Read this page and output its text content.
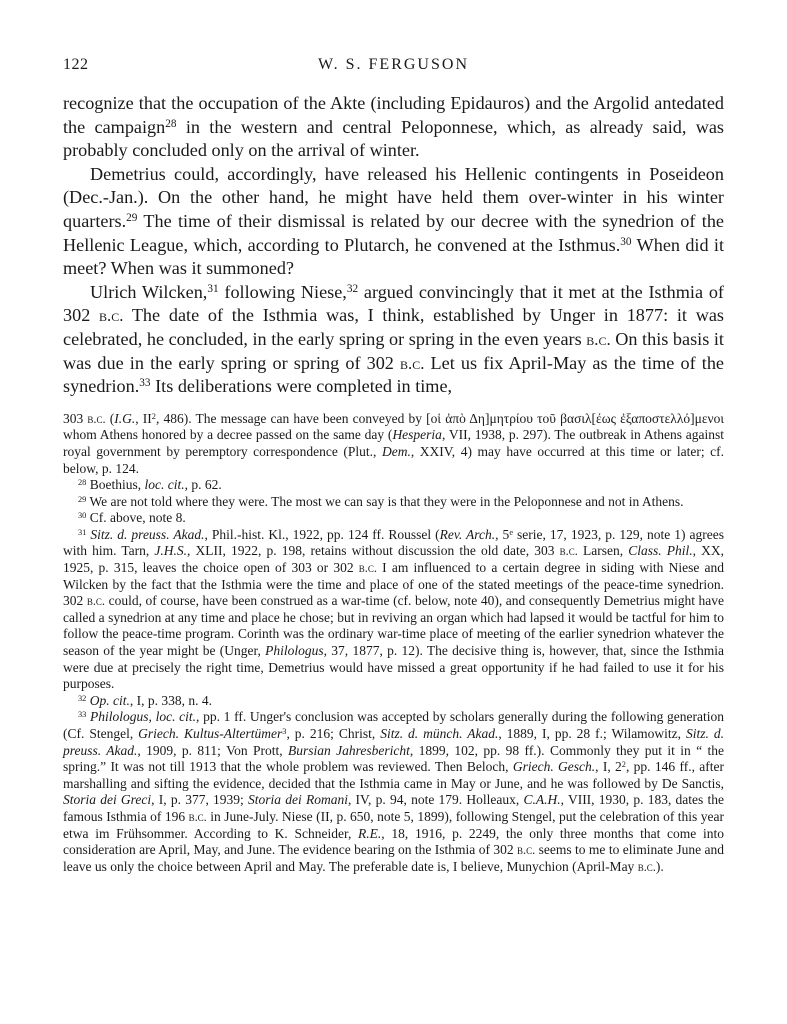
122	W. S. FERGUSON

recognize that the occupation of the Akte (including Epidauros) and the Argolid antedated the campaign$^{28}$ in the western and central Peloponnese, which, as already said, was probably concluded only on the arrival of winter.

Demetrius could, accordingly, have released his Hellenic contingents in Poseideon (Dec.-Jan.). On the other hand, he might have held them over-winter in his winter quarters.$^{29}$ The time of their dismissal is related by our decree with the synedrion of the Hellenic League, which, according to Plutarch, he convened at the Isthmus.$^{30}$ When did it meet? When was it summoned?

Ulrich Wilcken,$^{31}$ following Niese,$^{32}$ argued convincingly that it met at the Isthmia of 302 b.c. The date of the Isthmia was, I think, established by Unger in 1877: it was celebrated, he concluded, in the early spring or spring in the even years b.c. On this basis it was due in the early spring or spring of 302 b.c. Let us fix April-May as the time of the synedrion.$^{33}$ Its deliberations were completed in time,

303 b.c. (I.G., $II^2$, 486). The message can have been conveyed by [οἱ ἀπὸ Δη]μητρίου τοῦ βασιλ[έως ἐξαποστελλό]μενοι whom Athens honored by a decree passed on the same day (Hesperia, VII, 1938, p. 297). The outbreak in Athens against royal government by peremptory correspondence (Plut., Dem., XXIV, 4) may have occurred at this time or later; cf. below, p. 124.

$^{28}$ Boethius, loc. cit., p. 62.

$^{29}$ We are not told where they were. The most we can say is that they were in the Peloponnese and not in Athens.

$^{30}$ Cf. above, note 8.

$^{31}$ Sitz. d. preuss. Akad., Phil.-hist. Kl., 1922, pp. 124 ff. Roussel (Rev. Arch., 5e serie, 17, 1923, p. 129, note 1) agrees with him. Tarn, J.H.S., XLII, 1922, p. 198, retains without discussion the old date, 303 b.c. Larsen, Class. Phil., XX, 1925, p. 315, leaves the choice open of 303 or 302 b.c. I am influenced to a certain degree in siding with Niese and Wilcken by the fact that the Isthmia were the time and place of one of the stated meetings of the peace-time synedrion. 302 b.c. could, of course, have been construed as a war-time (cf. below, note 40), and consequently Demetrius might have called a synedrion at any time and place he chose; but in reviving an organ which had lapsed it would be tactful for him to follow the peace-time program. Corinth was the ordinary war-time place of meeting of the earlier synedrion whatever the season of the year might be (Unger, Philologus, 37, 1877, p. 12). The decisive thing is, however, that, since the Isthmia were due at precisely the right time, Demetrius would have missed a great opportunity if he had failed to use it for his purposes.

$^{32}$ Op. cit., I, p. 338, n. 4.

$^{33}$ Philologus, loc. cit., pp. 1 ff. Unger's conclusion was accepted by scholars generally during the following generation (Cf. Stengel, Griech. Kultus-Altertümer$^3$, p. 216; Christ, Sitz. d. münch. Akad., 1889, I, pp. 28 f.; Wilamowitz, Sitz. d. preuss. Akad., 1909, p. 811; Von Prott, Bursian Jahresbericht, 1899, 102, pp. 98 ff.). Commonly they put it in “ the spring.” It was not till 1913 that the whole problem was reviewed. Then Beloch, Griech. Gesch., I, $2^2$, pp. 146 ff., after marshalling and sifting the evidence, decided that the Isthmia came in May or June, and he was followed by De Sanctis, Storia dei Greci, I, p. 377, 1939; Storia dei Romani, IV, p. 94, note 179. Holleaux, C.A.H., VIII, 1930, p. 183, dates the famous Isthmia of 196 b.c. in June-July. Niese (II, p. 650, note 5, 1899), following Stengel, put the celebration of this year etwa im Frühsommer. According to K. Schneider, R.E., 18, 1916, p. 2249, the only three months that come into consideration are April, May, and June. The evidence bearing on the Isthmia of 302 b.c. seems to me to eliminate June and leave us only the choice between April and May. The preferable date is, I believe, Munychion (April-May b.c.).
